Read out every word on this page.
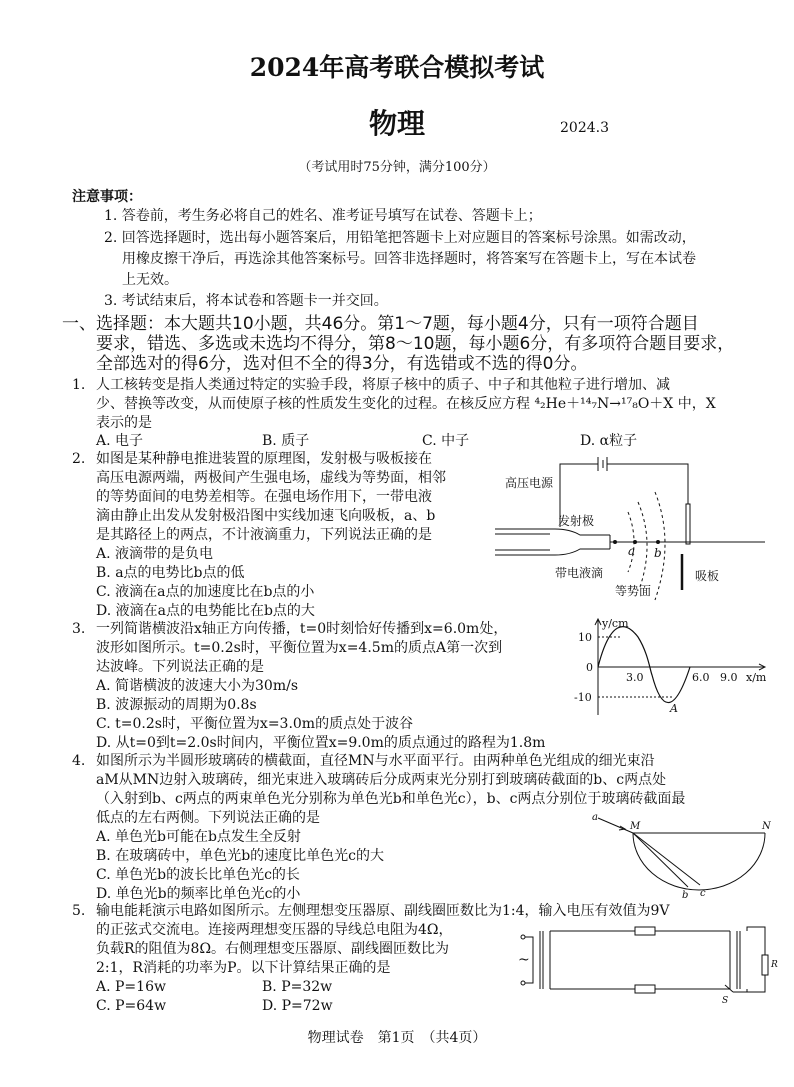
2024年高考联合模拟考试
物理	2024.3
（考试用时75分钟，满分100分）
注意事项：
1. 答卷前，考生务必将自己的姓名、准考证号填写在试卷、答题卡上；
2. 回答选择题时，选出每小题答案后，用铅笔把答题卡上对应题目的答案标号涂黑。如需改动，
用橡皮擦干净后，再选涂其他答案标号。回答非选择题时，将答案写在答题卡上，写在本试卷
上无效。
3. 考试结束后，将本试卷和答题卡一并交回。
一、选择题：本大题共10小题，共46分。第1～7题，每小题4分，只有一项符合题目
要求，错选、多选或未选均不得分，第8～10题，每小题6分，有多项符合题目要求，
全部选对的得6分，选对但不全的得3分，有选错或不选的得0分。
1. 人工核转变是指人类通过特定的实验手段，将原子核中的质子、中子和其他粒子进行增加、减
少、替换等改变，从而使原子核的性质发生变化的过程。在核反应方程 ⁴₂He＋¹⁴₇N→¹⁷₈O＋X 中，X
表示的是
A. 电子	B. 质子	C. 中子	D. α粒子
2. 如图是某种静电推进装置的原理图，发射极与吸板接在
高压电源两端，两极间产生强电场，虚线为等势面，相邻
的等势面间的电势差相等。在强电场作用下，一带电液
滴由静止出发从发射极沿图中实线加速飞向吸板，a、b
是其路径上的两点，不计液滴重力，下列说法正确的是
A. 液滴带的是负电
B. a点的电势比b点的低
C. 液滴在a点的加速度比在b点的小
D. 液滴在a点的电势能比在b点的大
高压电源
发射极
带电液滴	吸板
等势面
a b
3. 一列简谐横波沿x轴正方向传播，t=0时刻恰好传播到x=6.0m处，
波形如图所示。t=0.2s时，平衡位置为x=4.5m的质点A第一次到
达波峰。下列说法正确的是
A. 简谐横波的波速大小为30m/s
B. 波源振动的周期为0.8s
C. t=0.2s时，平衡位置为x=3.0m的质点处于波谷
D. 从t=0到t=2.0s时间内，平衡位置x=9.0m的质点通过的路程为1.8m
y/cm
x/m
10
0
-10
3.0	6.0 9.0
A
4. 如图所示为半圆形玻璃砖的横截面，直径MN与水平面平行。由两种单色光组成的细光束沿
aM从MN边射入玻璃砖，细光束进入玻璃砖后分成两束光分别打到玻璃砖截面的b、c两点处
（入射到b、c两点的两束单色光分别称为单色光b和单色光c），b、c两点分别位于玻璃砖截面最
低点的左右两侧。下列说法正确的是
A. 单色光b可能在b点发生全反射
B. 在玻璃砖中，单色光b的速度比单色光c的大
C. 单色光b的波长比单色光c的长
D. 单色光b的频率比单色光c的小
a
M	N
b c
5. 输电能耗演示电路如图所示。左侧理想变压器原、副线圈匝数比为1:4，输入电压有效值为9V
的正弦式交流电。连接两理想变压器的导线总电阻为4Ω，
负载R的阻值为8Ω。右侧理想变压器原、副线圈匝数比为
2:1，R消耗的功率为P。以下计算结果正确的是
A. P=16w	B. P=32w
C. P=64w	D. P=72w
~	R
S
物理试卷　第1页　（共4页）
